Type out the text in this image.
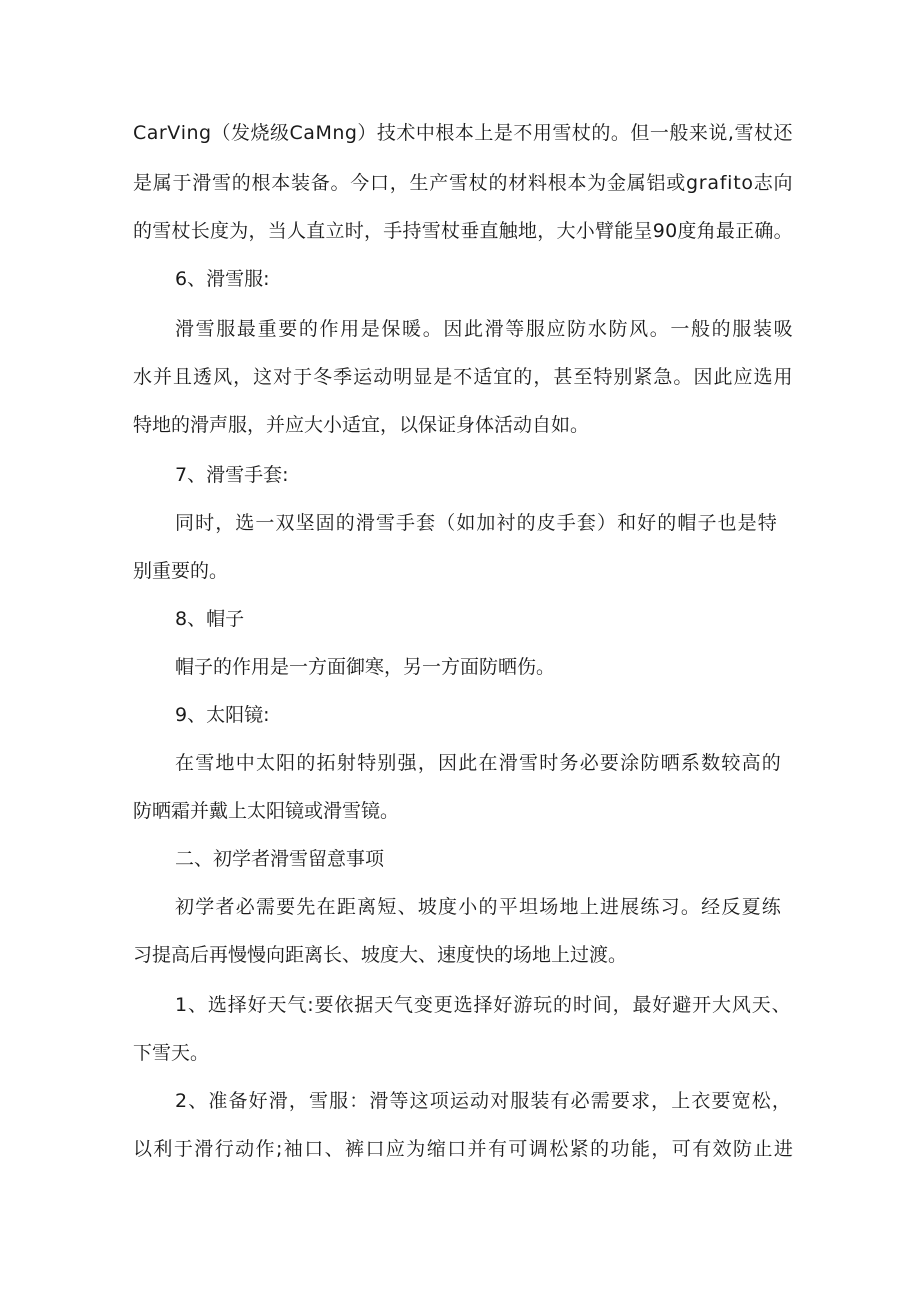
C a r V i n g （ 发 烧 级 C a M n g ） 技 术 中 根 本 上 是 不 用 雪 杖 的 。 但 一 般 来 说 , 雪 杖 还
是 属 于 滑 雪 的 根 本 装 备 。 今 口 ， 生 产 雪 杖 的 材 料 根 本 为 金 属 铝 或 g r a f i t o 志 向
的 雪 杖 长 度 为 ， 当 人 直 立 时 ， 手 持 雪 杖 垂 直 触 地 ， 大 小 臂 能 呈 9 0 度 角 最 正 确 。
6、滑雪服:
滑 雪 服 最 重 要 的 作 用 是 保 暖 。 因 此 滑 等 服 应 防 水 防 风 。 一 般 的 服 装 吸
水 并 且 透 风 ， 这 对 于 冬 季 运 动 明 显 是 不 适 宜 的 ， 甚 至 特 别 紧 急 。 因 此 应 选 用
特地的滑声服，并应大小适宜，以保证身体活动自如。
7、滑雪手套:
同 时 ， 选 一 双 坚 固 的 滑 雪 手 套 （ 如 加 衬 的 皮 手 套 ） 和 好 的 帽 子 也 是 特
别重要的。
8、帽子
帽子的作用是一方面御寒，另一方面防晒伤。
9、太阳镜:
在 雪 地 中 太 阳 的 拓 射 特 别 强 ， 因 此 在 滑 雪 时 务 必 要 涂 防 晒 系 数 较 高 的
防晒霜并戴上太阳镜或滑雪镜。
二、初学者滑雪留意事项
初 学 者 必 需 要 先 在 距 离 短 、 坡 度 小 的 平 坦 场 地 上 进 展 练 习 。 经 反 夏 练
习提高后再慢慢向距离长、坡度大、速度快的场地上过渡。
1 、 选 择 好 天 气 : 要 依 据 天 气 变 更 选 择 好 游 玩 的 时 间 ， 最 好 避 开 大 风 天 、
下雪天。
2 、 准 备 好 滑 ， 雪 服 ： 滑 等 这 项 运 动 对 服 装 有 必 需 要 求 ， 上 衣 要 宽 松 ，
以 利 于 滑 行 动 作 ; 袖 口 、 裤 口 应 为 缩 口 并 有 可 调 松 紧 的 功 能 ， 可 有 效 防 止 进
